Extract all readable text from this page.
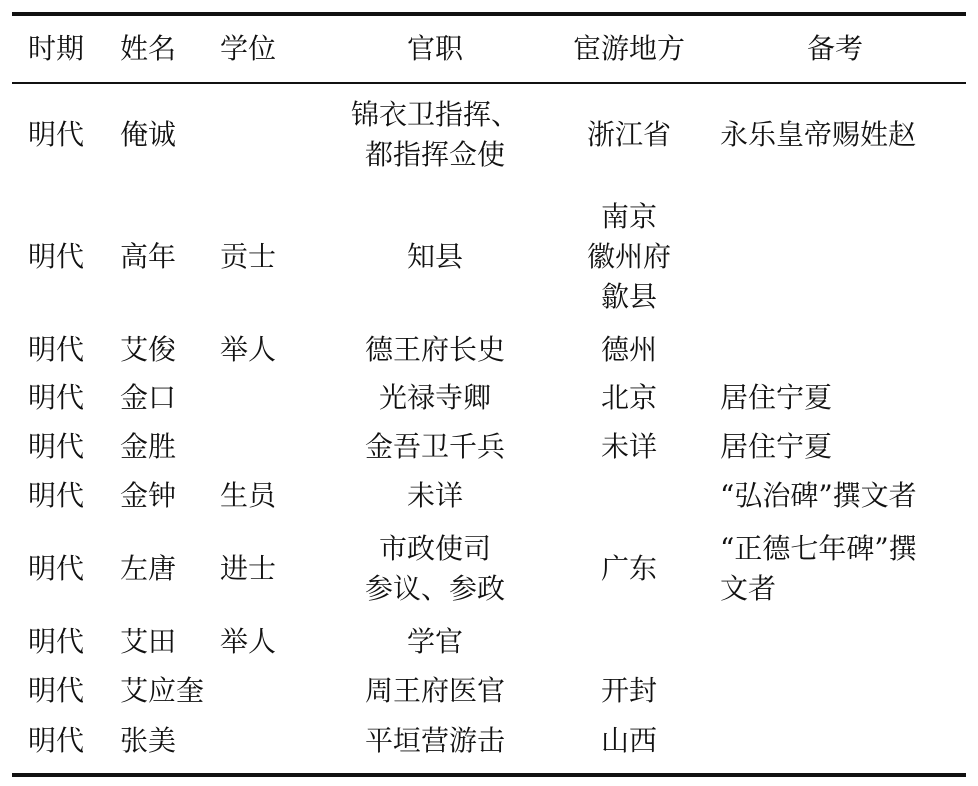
时期	姓名	学位	官职	宦游地方	备考
明代	俺诚		锦衣卫指挥、
都指挥佥使	浙江省	永乐皇帝赐姓赵

明代	高年	贡士	知县	南京
徽州府
歙县	

明代	艾俊	举人	德王府长史	德州	

明代	金口		光禄寺卿	北京	居住宁夏

明代	金胜		金吾卫千兵	未详	居住宁夏

明代	金钟	生员	未详		“弘治碑”撰文者

明代	左唐	进士	市政使司
参议、参政	广东	“正德七年碑”撰
文者

明代	艾田	举人	学官		

明代	艾应奎		周王府医官	开封	

明代	张美		平垣营游击	山西	
